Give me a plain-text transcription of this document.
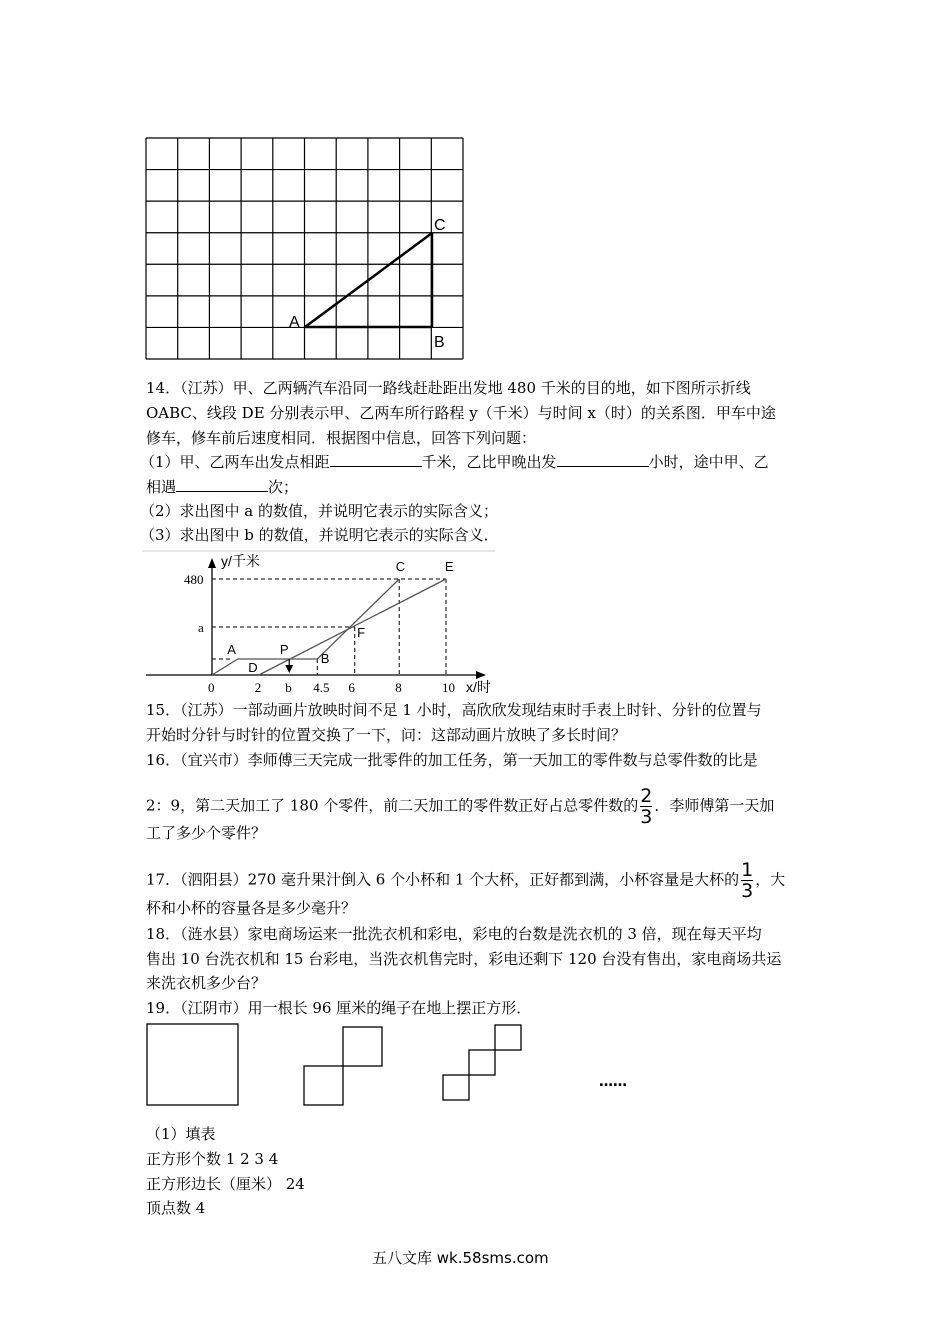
A
B
C
14．（江苏）甲、乙两辆汽车沿同一路线赶赴距出发地 480 千米的目的地，如下图所示折线
OABC、线段 DE 分别表示甲、乙两车所行路程 y（千米）与时间 x（时）的关系图．甲车中途
修车，修车前后速度相同．根据图中信息，回答下列问题：
（1）甲、乙两车出发点相距	千米，乙比甲晚出发	小时，途中甲、乙
相遇	次；
（2）求出图中 a 的数值，并说明它表示的实际含义；
（3）求出图中 b 的数值，并说明它表示的实际含义．
y/千米
x/时
0	2 b 4.5 6	8	10
480
a
A
B
C
D
E
F
P
15．（江苏）一部动画片放映时间不足 1 小时，高欣欣发现结束时手表上时针、分针的位置与
开始时分针与时针的位置交换了一下，问：这部动画片放映了多长时间？
16．（宜兴市）李师傅三天完成一批零件的加工任务，第一天加工的零件数与总零件数的比是
2：9，第二天加工了 180 个零件，前二天加工的零件数正好占总零件数的 $\frac{2}{3}$ ．李师傅第一天加
工了多少个零件？
17．（泗阳县）270 毫升果汁倒入 6 个小杯和 1 个大杯，正好都到满，小杯容量是大杯的 $\frac{1}{3}$ ，大
杯和小杯的容量各是多少毫升？
18．（涟水县）家电商场运来一批洗衣机和彩电，彩电的台数是洗衣机的 3 倍，现在每天平均
售出 10 台洗衣机和 15 台彩电，当洗衣机售完时，彩电还剩下 120 台没有售出，家电商场共运
来洗衣机多少台？
19．（江阴市）用一根长 96 厘米的绳子在地上摆正方形．
……
（1）填表
正方形个数 1 2 3 4
正方形边长（厘米） 24
顶点数 4
五八文库 wk.58sms.com
